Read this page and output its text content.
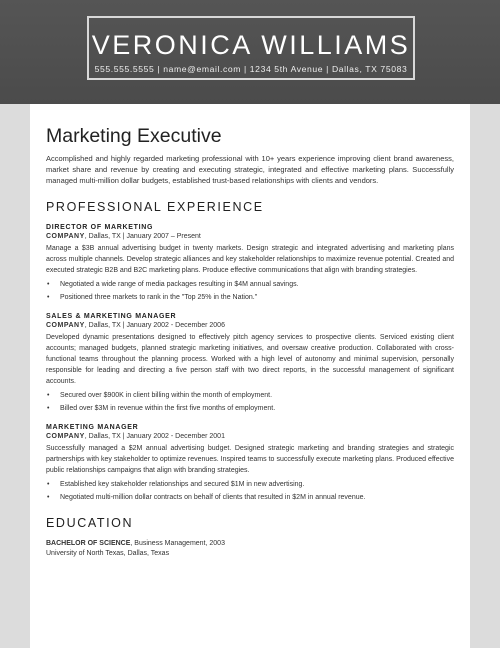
VERONICA WILLIAMS
555.555.5555 | name@email.com | 1234 5th Avenue | Dallas, TX 75083
Marketing Executive

Accomplished and highly regarded marketing professional with 10+ years experience improving client brand awareness, market share and revenue by creating and executing strategic, integrated and effective marketing plans. Successfully managed multi-million dollar budgets, established trust-based relationships with clients and vendors.

PROFESSIONAL EXPERIENCE
DIRECTOR OF MARKETING
COMPANY, Dallas, TX | January 2007 – Present

Manage a $3B annual advertising budget in twenty markets. Design strategic and integrated advertising and marketing plans across multiple channels. Develop strategic alliances and key stakeholder relationships to maximize revenue potential. Created and executed strategic B2B and B2C marketing plans. Produce effective communications that align with branding strategies.

• Negotiated a wide range of media packages resulting in $4M annual savings.
• Positioned three markets to rank in the "Top 25% in the Nation."
SALES & MARKETING MANAGER
COMPANY, Dallas, TX | January 2002 - December 2006

Developed dynamic presentations designed to effectively pitch agency services to prospective clients. Serviced existing client accounts; managed budgets, planned strategic marketing initiatives, and oversaw creative production. Collaborated with cross-functional teams throughout the planning process. Worked with a high level of autonomy and minimal supervision, personally responsible for leading and directing a five person staff with two direct reports, in the successful management of significant accounts.

• Secured over $900K in client billing within the month of employment.
• Billed over $3M in revenue within the first five months of employment.
MARKETING MANAGER
COMPANY, Dallas, TX | January 2002 - December 2001

Successfully managed a $2M annual advertising budget. Designed strategic marketing and branding strategies and strategic partnerships with key stakeholder to optimize revenues. Inspired teams to successfully execute marketing plans. Produced effective public relationships campaigns that align with branding strategies.

• Established key stakeholder relationships and secured $1M in new advertising.
• Negotiated multi-million dollar contracts on behalf of clients that resulted in $2M in annual revenue.
EDUCATION
BACHELOR OF SCIENCE, Business Management, 2003
University of North Texas, Dallas, Texas
